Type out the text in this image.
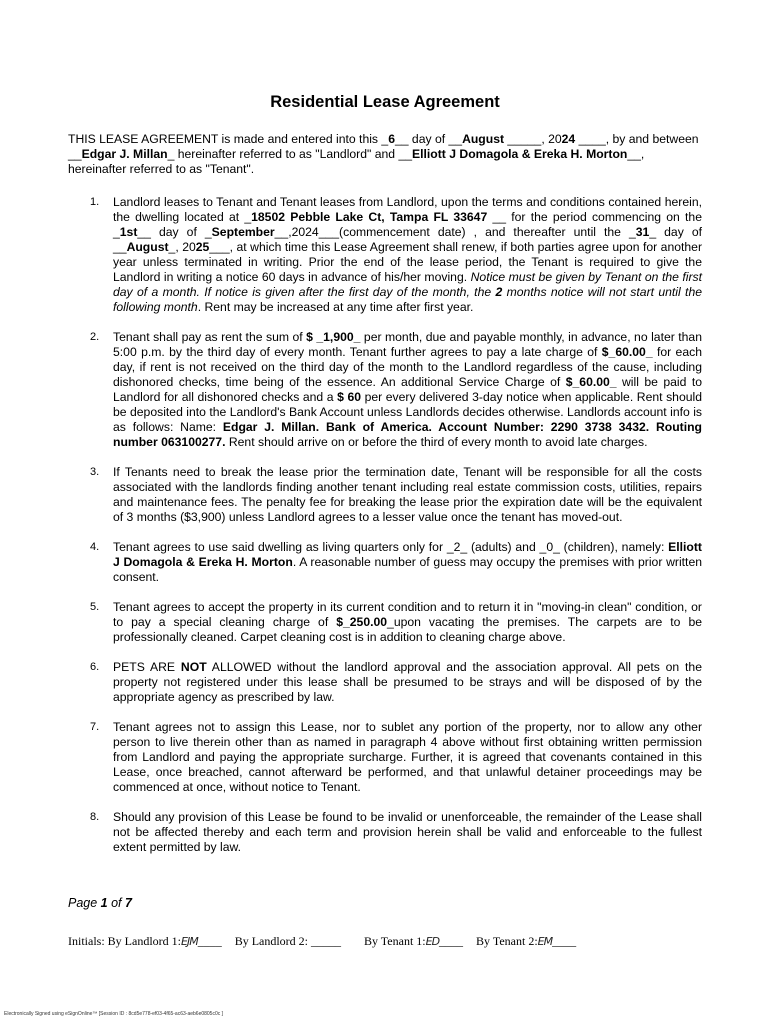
Residential Lease Agreement
THIS LEASE AGREEMENT is made and entered into this _6__ day of __August _____, 2024 ____, by and between __Edgar J. Millan_ hereinafter referred to as "Landlord" and __Elliott J Domagola & Ereka H. Morton__, hereinafter referred to as "Tenant".
1. Landlord leases to Tenant and Tenant leases from Landlord, upon the terms and conditions contained herein, the dwelling located at _18502 Pebble Lake Ct, Tampa FL 33647 __ for the period commencing on the _1st__ day of _September__,2024___(commencement date) , and thereafter until the _31_ day of __August_, 2025___, at which time this Lease Agreement shall renew, if both parties agree upon for another year unless terminated in writing. Prior the end of the lease period, the Tenant is required to give the Landlord in writing a notice 60 days in advance of his/her moving. Notice must be given by Tenant on the first day of a month. If notice is given after the first day of the month, the 2 months notice will not start until the following month. Rent may be increased at any time after first year.
2. Tenant shall pay as rent the sum of $ _1,900_ per month, due and payable monthly, in advance, no later than 5:00 p.m. by the third day of every month. Tenant further agrees to pay a late charge of $_60.00_ for each day, if rent is not received on the third day of the month to the Landlord regardless of the cause, including dishonored checks, time being of the essence. An additional Service Charge of $_60.00_ will be paid to Landlord for all dishonored checks and a $ 60 per every delivered 3-day notice when applicable. Rent should be deposited into the Landlord's Bank Account unless Landlords decides otherwise. Landlords account info is as follows: Name: Edgar J. Millan. Bank of America. Account Number: 2290 3738 3432. Routing number 063100277. Rent should arrive on or before the third of every month to avoid late charges.
3. If Tenants need to break the lease prior the termination date, Tenant will be responsible for all the costs associated with the landlords finding another tenant including real estate commission costs, utilities, repairs and maintenance fees. The penalty fee for breaking the lease prior the expiration date will be the equivalent of 3 months ($3,900) unless Landlord agrees to a lesser value once the tenant has moved-out.
4. Tenant agrees to use said dwelling as living quarters only for _2_ (adults) and _0_ (children), namely: Elliott J Domagola & Ereka H. Morton. A reasonable number of guess may occupy the premises with prior written consent.
5. Tenant agrees to accept the property in its current condition and to return it in "moving-in clean" condition, or to pay a special cleaning charge of $_250.00_upon vacating the premises. The carpets are to be professionally cleaned. Carpet cleaning cost is in addition to cleaning charge above.
6. PETS ARE NOT ALLOWED without the landlord approval and the association approval. All pets on the property not registered under this lease shall be presumed to be strays and will be disposed of by the appropriate agency as prescribed by law.
7. Tenant agrees not to assign this Lease, nor to sublet any portion of the property, nor to allow any other person to live therein other than as named in paragraph 4 above without first obtaining written permission from Landlord and paying the appropriate surcharge. Further, it is agreed that covenants contained in this Lease, once breached, cannot afterward be performed, and that unlawful detainer proceedings may be commenced at once, without notice to Tenant.
8. Should any provision of this Lease be found to be invalid or unenforceable, the remainder of the Lease shall not be affected thereby and each term and provision herein shall be valid and enforceable to the fullest extent permitted by law.
Page 1 of 7
Initials: By Landlord 1:EJM____ By Landlord 2: _____ By Tenant 1:ED____ By Tenant 2:EM____
Electronically Signed using eSignOnline™ [Session ID : 8cd5e778-ef03-4f65-ac63-aeb6e0805c0c ]
